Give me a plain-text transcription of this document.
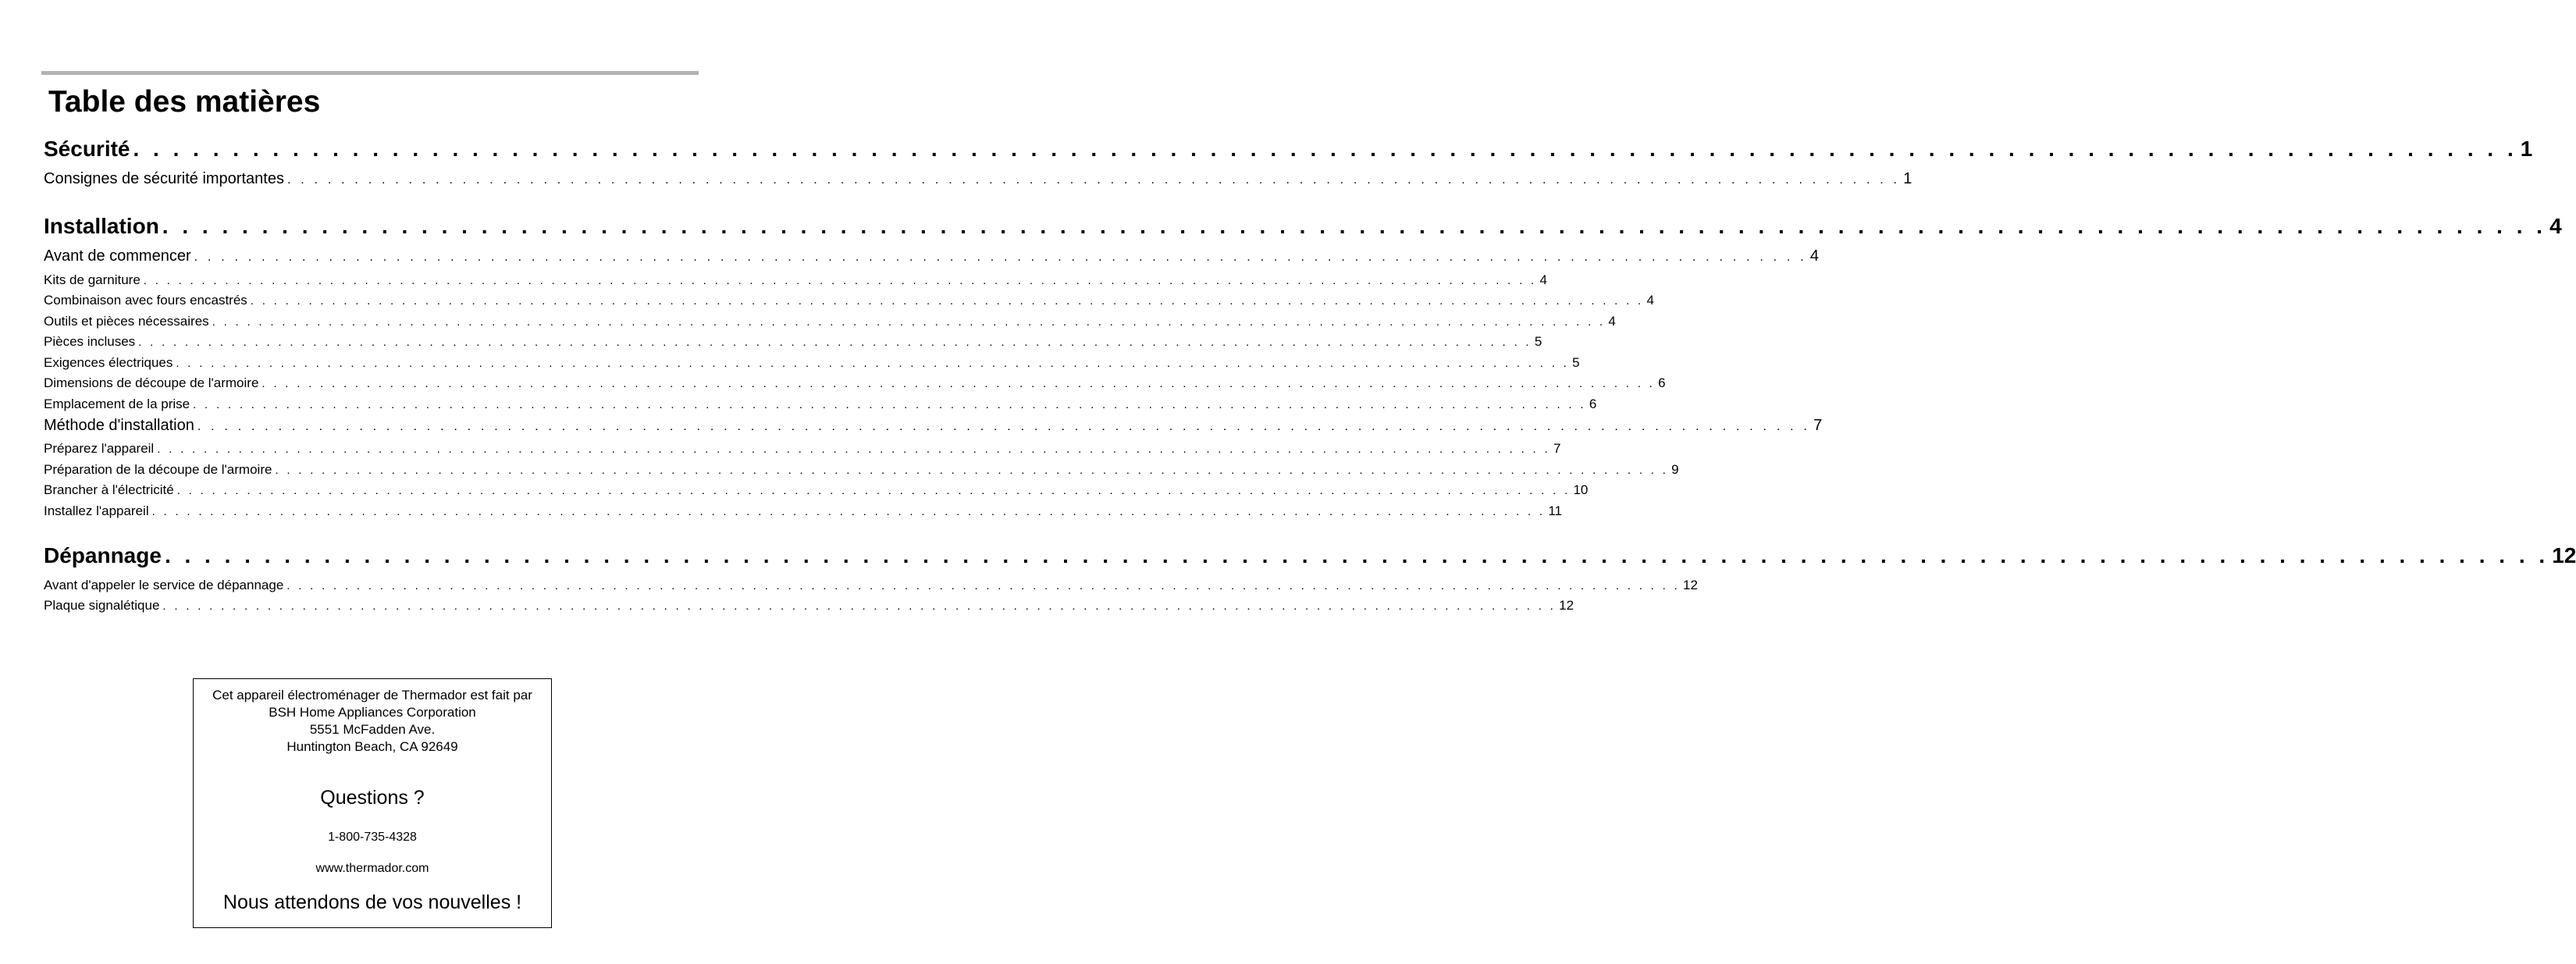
Table des matières
Sécurité . . . . . . . . . . . . . . . . . . . . . . . . . . . . . . . . . . . . . . . . . . . . . . . . . . . . . . . . . . . . . . . . . . . . . . . . . . . . . . . . . . . . . . . . . . . . . . . . . . . . . . . . . . . . . . . . . . . . . . . . 1
Consignes de sécurité importantes . . . . . . . . . . . . . . . . . . . . . . . . . . . . . . . . . . . . . . . . . . . . . . . . . . . . . . . . . . . . . . . . . . . . . . . . . . . . . . . . . . . . . . . . . . . . . . . . . . . . . . . . . . . . . . . . . . . . . . . . 1
Installation . . . . . . . . . . . . . . . . . . . . . . . . . . . . . . . . . . . . . . . . . . . . . . . . . . . . . . . . . . . . . . . . . . . . . . . . . . . . . . . . . . . . . . . . . . . . . . . . . . . . . . . . . . . . . . . . . . . . . . . . 4
Avant de commencer . . . . . . . . . . . . . . . . . . . . . . . . . . . . . . . . . . . . . . . . . . . . . . . . . . . . . . . . . . . . . . . . . . . . . . . . . . . . . . . . . . . . . . . . . . . . . . . . . . . . . . . . . . . . . . . . . . . . . . . . 4
Kits de garniture . . . . . . . . . . . . . . . . . . . . . . . . . . . . . . . . . . . . . . . . . . . . . . . . . . . . . . . . . . . . . . . . . . . . . . . . . . . . . . . . . . . . . . . . . . . . . . . . . . . . . . . . . . . . . . . . . . . . . . . . 4
Combinaison avec fours encastrés . . . . . . . . . . . . . . . . . . . . . . . . . . . . . . . . . . . . . . . . . . . . . . . . . . . . . . . . . . . . . . . . . . . . . . . . . . . . . . . . . . . . . . . . . . . . . . . . . . . . . . . . . . . . . . . . . . . . . . . . 4
Outils et pièces nécessaires . . . . . . . . . . . . . . . . . . . . . . . . . . . . . . . . . . . . . . . . . . . . . . . . . . . . . . . . . . . . . . . . . . . . . . . . . . . . . . . . . . . . . . . . . . . . . . . . . . . . . . . . . . . . . . . . . . . . . . . . 4
Pièces incluses . . . . . . . . . . . . . . . . . . . . . . . . . . . . . . . . . . . . . . . . . . . . . . . . . . . . . . . . . . . . . . . . . . . . . . . . . . . . . . . . . . . . . . . . . . . . . . . . . . . . . . . . . . . . . . . . . . . . . . . . 5
Exigences électriques . . . . . . . . . . . . . . . . . . . . . . . . . . . . . . . . . . . . . . . . . . . . . . . . . . . . . . . . . . . . . . . . . . . . . . . . . . . . . . . . . . . . . . . . . . . . . . . . . . . . . . . . . . . . . . . . . . . . . . . . 5
Dimensions de découpe de l'armoire . . . . . . . . . . . . . . . . . . . . . . . . . . . . . . . . . . . . . . . . . . . . . . . . . . . . . . . . . . . . . . . . . . . . . . . . . . . . . . . . . . . . . . . . . . . . . . . . . . . . . . . . . . . . . . . . . . . . . . . . 6
Emplacement de la prise . . . . . . . . . . . . . . . . . . . . . . . . . . . . . . . . . . . . . . . . . . . . . . . . . . . . . . . . . . . . . . . . . . . . . . . . . . . . . . . . . . . . . . . . . . . . . . . . . . . . . . . . . . . . . . . . . . . . . . . . 6
Méthode d'installation . . . . . . . . . . . . . . . . . . . . . . . . . . . . . . . . . . . . . . . . . . . . . . . . . . . . . . . . . . . . . . . . . . . . . . . . . . . . . . . . . . . . . . . . . . . . . . . . . . . . . . . . . . . . . . . . . . . . . . . . 7
Préparez l'appareil . . . . . . . . . . . . . . . . . . . . . . . . . . . . . . . . . . . . . . . . . . . . . . . . . . . . . . . . . . . . . . . . . . . . . . . . . . . . . . . . . . . . . . . . . . . . . . . . . . . . . . . . . . . . . . . . . . . . . . . . 7
Préparation de la découpe de l'armoire . . . . . . . . . . . . . . . . . . . . . . . . . . . . . . . . . . . . . . . . . . . . . . . . . . . . . . . . . . . . . . . . . . . . . . . . . . . . . . . . . . . . . . . . . . . . . . . . . . . . . . . . . . . . . . . . . . . . . . . . 9
Brancher à l'électricité . . . . . . . . . . . . . . . . . . . . . . . . . . . . . . . . . . . . . . . . . . . . . . . . . . . . . . . . . . . . . . . . . . . . . . . . . . . . . . . . . . . . . . . . . . . . . . . . . . . . . . . . . . . . . . . . . . . . . . . . 10
Installez l'appareil . . . . . . . . . . . . . . . . . . . . . . . . . . . . . . . . . . . . . . . . . . . . . . . . . . . . . . . . . . . . . . . . . . . . . . . . . . . . . . . . . . . . . . . . . . . . . . . . . . . . . . . . . . . . . . . . . . . . . . . . 11
Dépannage . . . . . . . . . . . . . . . . . . . . . . . . . . . . . . . . . . . . . . . . . . . . . . . . . . . . . . . . . . . . . . . . . . . . . . . . . . . . . . . . . . . . . . . . . . . . . . . . . . . . . . . . . . . . . . . . . . . . . . . . 12
Avant d'appeler le service de dépannage . . . . . . . . . . . . . . . . . . . . . . . . . . . . . . . . . . . . . . . . . . . . . . . . . . . . . . . . . . . . . . . . . . . . . . . . . . . . . . . . . . . . . . . . . . . . . . . . . . . . . . . . . . . . . . . . . . . . . . . . 12
Plaque signalétique . . . . . . . . . . . . . . . . . . . . . . . . . . . . . . . . . . . . . . . . . . . . . . . . . . . . . . . . . . . . . . . . . . . . . . . . . . . . . . . . . . . . . . . . . . . . . . . . . . . . . . . . . . . . . . . . . . . . . . . . 12
Cet appareil électroménager de Thermador est fait par
BSH Home Appliances Corporation
5551 McFadden Ave.
Huntington Beach, CA 92649
Questions ?
1-800-735-4328
www.thermador.com
Nous attendons de vos nouvelles !
